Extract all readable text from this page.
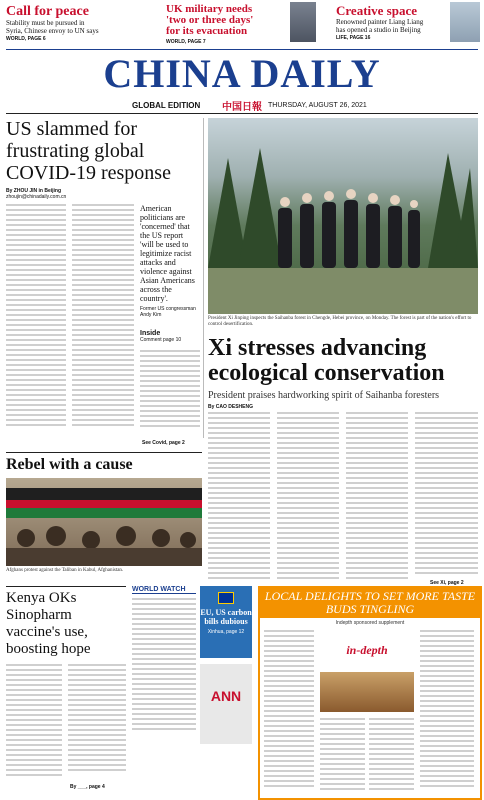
Call for peace
Stability must be pursued in
Syria, Chinese envoy to UN says
WORLD, PAGE 6
UK military needs
'two or three days'
for its evacuation
WORLD, PAGE 7
Creative space
Renowned painter Liang Liang
has opened a studio in Beijing
LIFE, PAGE 16
CHINA DAILY
GLOBAL EDITION 中国日報 THURSDAY, AUGUST 26, 2021
US slammed for frustrating global COVID-19 response
By ZHOU JIN in Beijing
zhoujin@chinadaily.com.cn
American politicians are 'concerned' that the US report 'will be used to legitimize racist attacks and violence against Asian Americans across the country'.
Former US congressman Andy Kim
Inside
Comment page 10
See Covid, page 2
President Xi Jinping inspects the Saihanba forest in Chengde, Hebei province, on Monday. The forest is part of the nation's effort to control desertification.
Xi stresses advancing ecological conservation
President praises hardworking spirit of Saihanba foresters
By CAO DESHENG
See Xi, page 2
Rebel with a cause
Afghans protest against the Taliban in Kabul, Afghanistan.
Kenya OKs Sinopharm vaccine's use, boosting hope
By ___, page 4
WORLD WATCH
EU, US carbon bills dubious
Xinhua, page 12
ANN
LOCAL DELIGHTS TO SET MORE TASTE BUDS TINGLING
Indepth sponsored supplement
in-depth
